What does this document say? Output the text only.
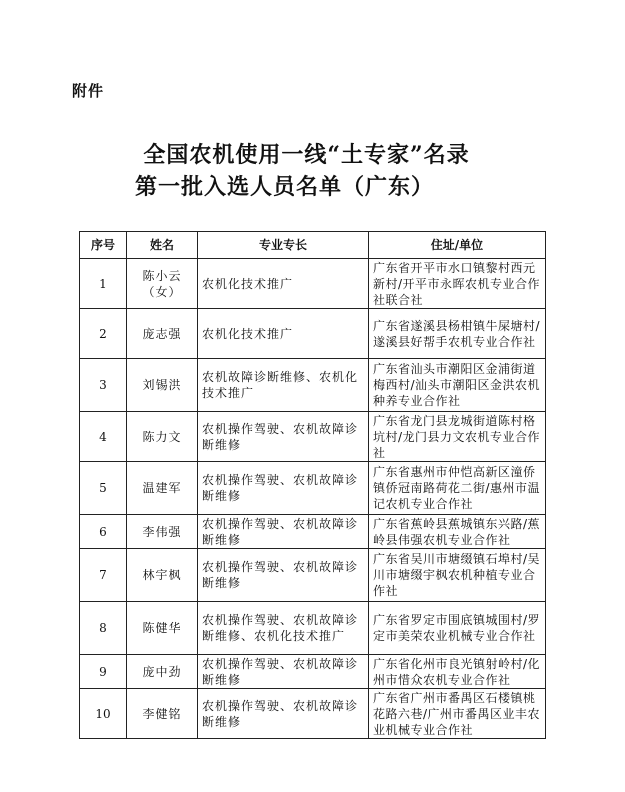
附件
全国农机使用一线“土专家”名录
第一批入选人员名单（广东）
序号	姓名	专业专长	住址/单位
1	陈小云（女）	农机化技术推广	广东省开平市水口镇黎村西元新村/开平市永晖农机专业合作社联合社
2	庞志强	农机化技术推广	广东省遂溪县杨柑镇牛屎塘村/遂溪县好帮手农机专业合作社
3	刘锡洪	农机故障诊断维修、农机化技术推广	广东省汕头市潮阳区金浦街道梅西村/汕头市潮阳区金洪农机种养专业合作社
4	陈力文	农机操作驾驶、农机故障诊断维修	广东省龙门县龙城街道陈村格坑村/龙门县力文农机专业合作社
5	温建军	农机操作驾驶、农机故障诊断维修	广东省惠州市仲恺高新区潼侨镇侨冠南路荷花二街/惠州市温记农机专业合作社
6	李伟强	农机操作驾驶、农机故障诊断维修	广东省蕉岭县蕉城镇东兴路/蕉岭县伟强农机专业合作社
7	林宇枫	农机操作驾驶、农机故障诊断维修	广东省吴川市塘缀镇石埠村/吴川市塘缀宇枫农机种植专业合作社
8	陈健华	农机操作驾驶、农机故障诊断维修、农机化技术推广	广东省罗定市围底镇城围村/罗定市美荣农业机械专业合作社
9	庞中劲	农机操作驾驶、农机故障诊断维修	广东省化州市良光镇射岭村/化州市惜众农机专业合作社
10	李健铭	农机操作驾驶、农机故障诊断维修	广东省广州市番禺区石楼镇桃花路六巷/广州市番禺区业丰农业机械专业合作社
